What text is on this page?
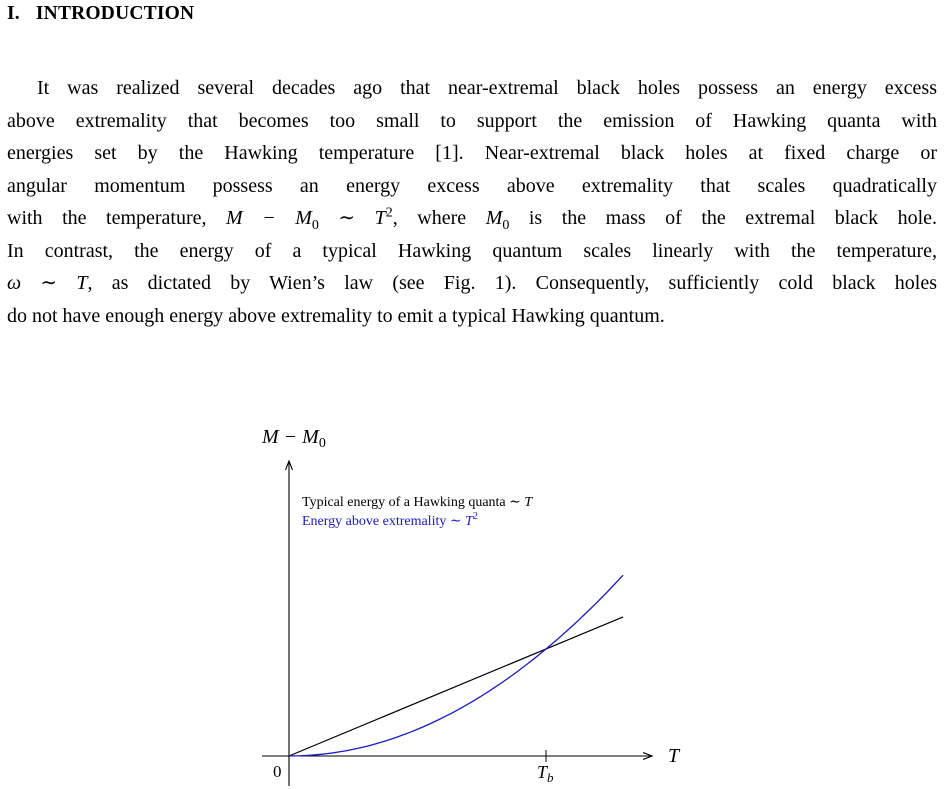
I. INTRODUCTION
It was realized several decades ago that near-extremal black holes possess an energy excess
above extremality that becomes too small to support the emission of Hawking quanta with
energies set by the Hawking temperature [1]. Near-extremal black holes at fixed charge or
angular momentum possess an energy excess above extremality that scales quadratically
with the temperature, $M - M_0$ ∼ $T^2$, where $M_0$ is the mass of the extremal black hole.
In contrast, the energy of a typical Hawking quantum scales linearly with the temperature,
ω ∼ T, as dictated by Wien’s law (see Fig. 1). Consequently, sufficiently cold black holes
do not have enough energy above extremality to emit a typical Hawking quantum.
$M - M_0$
T
0	$T_b$
Typical energy of a Hawking quanta ∼ T
Energy above extremality ∼ $T^2$
